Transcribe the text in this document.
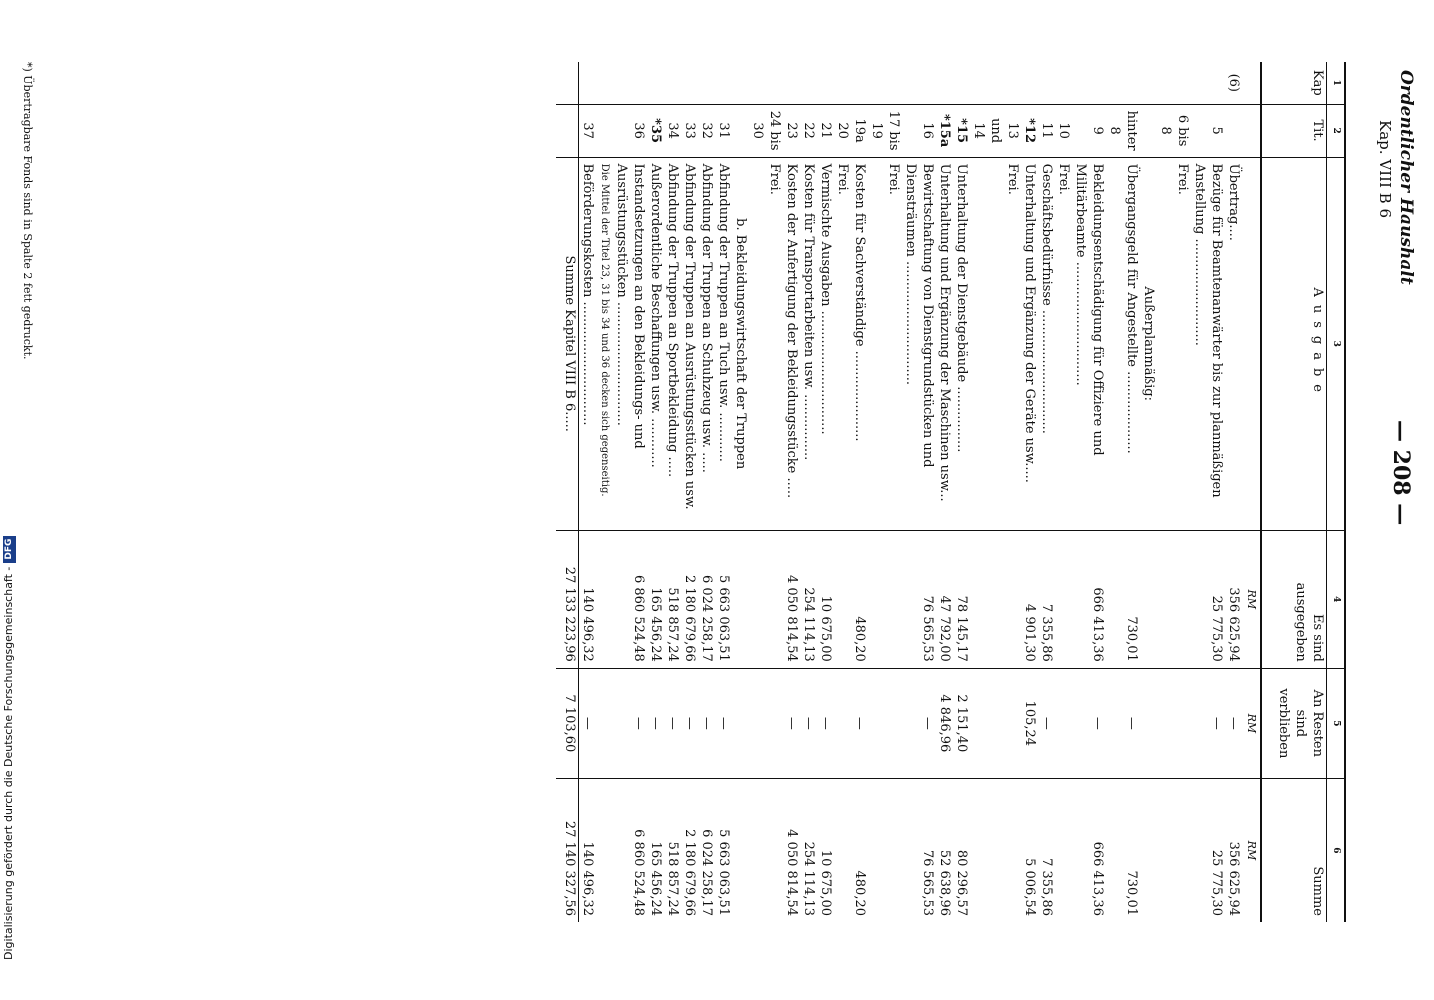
Ordentlicher Haushalt
Kap. VIII B 6
— 208 —
1	2	3	4	5	6
Kap	Tit.	Ausgabe	Es sind ausgegeben	An Resten sind verblieben	Summe
			RM	RM	RM
(6)		Übertrag....	356 625,94	—	356 625,94
	5	Bezüge für Beamtenanwärter bis zur planmäßigen Anstellung ..........................	25 775,30	—	25 775,30
	6 bis 8	Frei.			
		Außerplanmäßig:			
	hinter 8	Übergangsgeld für Angestellte ....................	730,01	—	730,01
	9	Bekleidungsentschädigung für Offiziere und Militärbeamte ..............................	666 413,36	—	666 413,36
	10	Frei.			
	11	Geschäftsbedürfnisse ..............................	7 355,86	—	7 355,86
	*12	Unterhaltung und Ergänzung der Geräte usw.....	4 901,30	105,24	5 006,54
	13 und 14	Frei.			
	*15	Unterhaltung der Dienstgebäude ................	78 145,17	2 151,40	80 296,57
	*15a	Unterhaltung und Ergänzung der Maschinen usw...	47 792,00	4 846,96	52 638,96
	16	Bewirtschaftung von Dienstgrundstücken und Diensträumen ..............................	76 565,53	—	76 565,53
	17 bis 19	Frei.			
	19a	Kosten für Sachverständige ......................	480,20	—	480,20
	20	Frei.			
	21	Vermischte Ausgaben ..............................	10 675,00	—	10 675,00
	22	Kosten für Transportarbeiten usw. ................	254 114,13	—	254 114,13
	23	Kosten der Anfertigung der Bekleidungsstücke .....	4 050 814,54	—	4 050 814,54
	24 bis 30	Frei.			
		b. Bekleidungswirtschaft der Truppen			
	31	Abfindung der Truppen an Tuch usw. ............	5 663 063,51	—	5 663 063,51
	32	Abfindung der Truppen an Schuhzeug usw. .....	6 024 258,17	—	6 024 258,17
	33	Abfindung der Truppen an Ausrüstungsstücken usw.	2 180 679,66	—	2 180 679,66
	34	Abfindung der Truppen an Sportbekleidung .....	518 857,24	—	518 857,24
	*35	Außerordentliche Beschaffungen usw. ............	165 456,24	—	165 456,24
	36	Instandsetzungen an den Bekleidungs- und Ausrüstungsstücken ..............................	6 860 524,48	—	6 860 524,48
		Die Mittel der Titel 23, 31 bis 34 und 36 decken sich gegenseitig.			
	37	Beförderungskosten ..............................	140 496,32	—	140 496,32
		Summe Kapitel VIII B 6.....	27 133 223,96	7 103,60	27 140 327,56
*) Übertragbare Fonds sind in Spalte 2 fett gedruckt.
Digitalisierung gefördert durch die Deutsche Forschungsgemeinschaft -
DFG
